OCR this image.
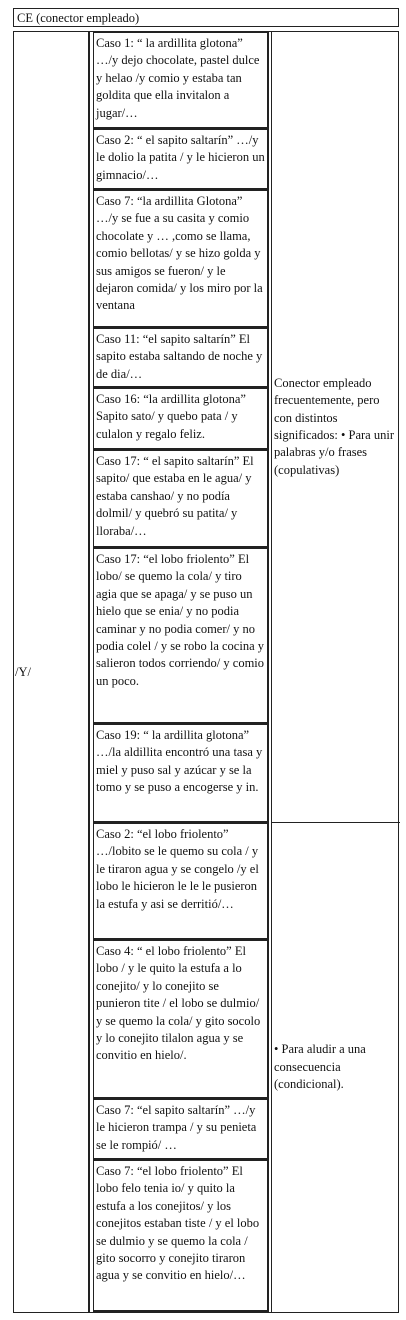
CE (conector empleado)
/Y/
Caso 1: “ la ardillita glotona” …/y dejo chocolate, pastel dulce y helao /y comio y estaba tan golditа que ella invitalon a jugar/…
Caso 2: “ el sapito saltarín” …/y le dolio la patita / y le hicieron un gimnacio/…
Caso 7: “la ardillita Glotona” …/y se fue a su casita y comio chocolate y … ,como se llama, comio bellotas/ y se hizo golda y sus amigos se fueron/ y le dejaron comida/ y los miro por la ventana
Caso 11: “el sapito saltarín” El sapito estaba saltando de noche y de dia/…
Caso 16: “la ardillita glotona” Sapito sato/ y quebo pata / y culalon y regalo feliz.
Caso 17: “ el sapito saltarín” El sapito/ que estaba en le agua/ y estaba canshao/ y no podía dolmil/ y quebró su patita/ y lloraba/…
Caso 17: “el lobo friolento” El lobo/ se quemo la cola/ y tiro agia que se apaga/ y se puso un hielo que se enia/ y no podia caminar y no podia comer/ y no podia colel / y se robo la cocina y salieron todos corriendo/ y comio un poco.
Caso 19: “ la ardillita glotona” …/la aldillita encontró una tasa y miel y puso sal y azúcar y se la tomo y se puso a encogerse y in.
Caso 2: “el lobo friolento” …/lobito se le quemo su cola / y le tiraron agua y se congelo /y el lobo le hicieron le le le pusieron la estufa y asi se derritió/…
Caso 4: “ el lobo friolento” El lobo / y le quito la estufa a lo conejito/ y lo conejito se punieron tite / el lobo se dulmio/ y se quemo la cola/ y gito socolo y lo conejito tilalon agua y se convitio en hielo/.
Caso 7: “el sapito saltarín” …/y le hicieron trampa / y su penieta se le rompió/ …
Caso 7: “el lobo friolento” El lobo felo tenia io/ y quito la estufa a los conejitos/ y los conejitos estaban tiste / y el lobo se dulmio y se quemo la cola / gito socorro y conejito tiraron agua y se convitio en hielo/…
Conector empleado frecuentemente, pero con distintos significados: • Para unir palabras y/o frases (copulativas)
• Para aludir a una consecuencia (condicional).
